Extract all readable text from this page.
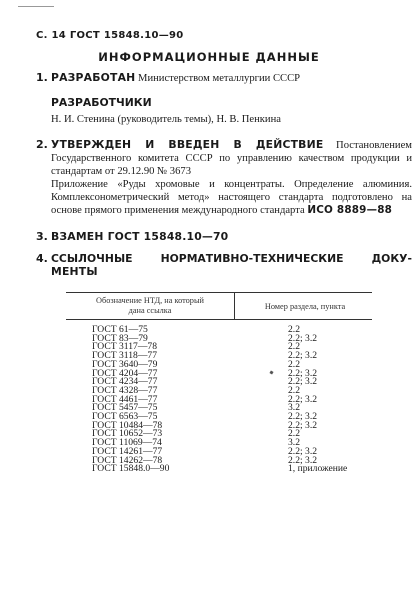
С. 14 ГОСТ 15848.10—90
ИНФОРМАЦИОННЫЕ ДАННЫЕ
1. РАЗРАБОТАН Министерством металлургии СССР
РАЗРАБОТЧИКИ
Н. И. Стенина (руководитель темы), Н. В. Пенкина
2. УТВЕРЖДЕН И ВВЕДЕН В ДЕЙСТВИЕ Постановлением Государственного комитета СССР по управлению качеством продукции и стандартам от 29.12.90 № 3673
Приложение «Руды хромовые и концентраты. Определение алюминия. Комплексонометрический метод» настоящего стандарта подготовлено на основе прямого применения международного стандарта ИСО 8889—88
3. ВЗАМЕН ГОСТ 15848.10—70
4. ССЫЛОЧНЫЕ	НОРМАТИВНО-ТЕХНИЧЕСКИЕ	ДОКУ-
МЕНТЫ
Обозначение НТД, на который
дана ссылка	Номер раздела, пункта
ГОСТ 61—75	2.2
ГОСТ 83—79	2.2; 3.2
ГОСТ 3117—78	2.2
ГОСТ 3118—77	2.2; 3.2
ГОСТ 3640—79	2.2
ГОСТ 4204—77	2.2; 3.2
ГОСТ 4234—77	2.2; 3.2
ГОСТ 4328—77	2.2
ГОСТ 4461—77	2.2; 3.2
ГОСТ 5457—75	3.2
ГОСТ 6563—75	2.2; 3.2
ГОСТ 10484—78	2.2; 3.2
ГОСТ 10652—73	2.2
ГОСТ 11069—74	3.2
ГОСТ 14261—77	2.2; 3.2
ГОСТ 14262—78	2.2; 3.2
ГОСТ 15848.0—90	1, приложение
